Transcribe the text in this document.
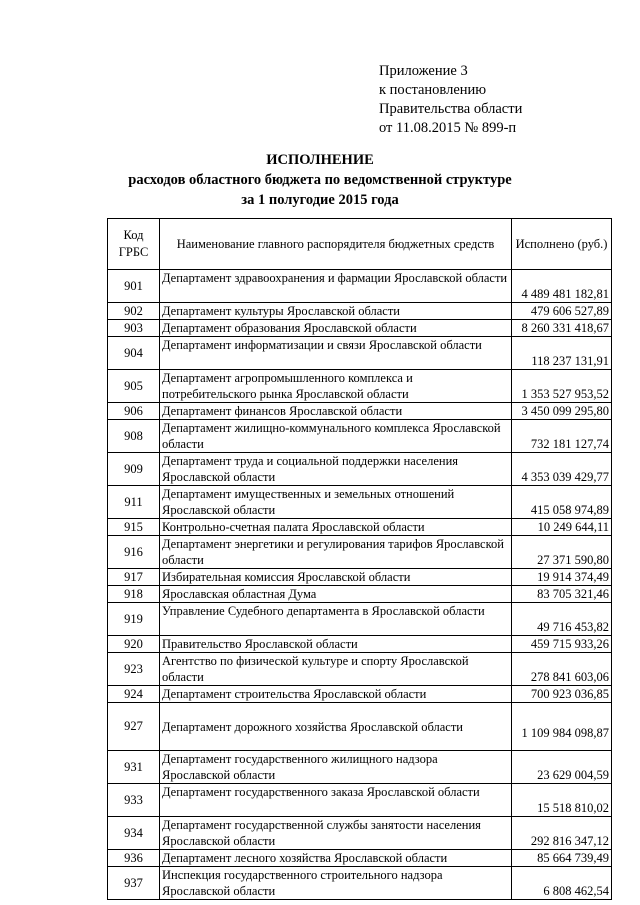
Приложение 3
к постановлению
Правительства области
от 11.08.2015 № 899-п
ИСПОЛНЕНИЕ
расходов областного бюджета по ведомственной структуре
за 1 полугодие 2015 года
Код ГРБС	Наименование главного распорядителя бюджетных средств	Исполнено (руб.)
901	Департамент здравоохранения и фармации Ярославской области	4 489 481 182,81
902	Департамент культуры Ярославской области	479 606 527,89
903	Департамент образования Ярославской области	8 260 331 418,67
904	Департамент информатизации и связи Ярославской области	118 237 131,91
905	Департамент агропромышленного комплекса и потребительского рынка Ярославской области	1 353 527 953,52
906	Департамент финансов Ярославской области	3 450 099 295,80
908	Департамент жилищно-коммунального комплекса Ярославской области	732 181 127,74
909	Департамент труда и социальной поддержки населения Ярославской области	4 353 039 429,77
911	Департамент имущественных и земельных отношений Ярославской области	415 058 974,89
915	Контрольно-счетная палата Ярославской области	10 249 644,11
916	Департамент энергетики и регулирования тарифов Ярославской области	27 371 590,80
917	Избирательная комиссия Ярославской области	19 914 374,49
918	Ярославская областная Дума	83 705 321,46
919	Управление Судебного департамента в Ярославской области	49 716 453,82
920	Правительство Ярославской области	459 715 933,26
923	Агентство по физической культуре и спорту Ярославской области	278 841 603,06
924	Департамент строительства Ярославской области	700 923 036,85
927	Департамент дорожного хозяйства Ярославской области	1 109 984 098,87
931	Департамент государственного жилищного надзора Ярославской области	23 629 004,59
933	Департамент государственного заказа Ярославской области	15 518 810,02
934	Департамент государственной службы занятости населения Ярославской области	292 816 347,12
936	Департамент лесного хозяйства Ярославской области	85 664 739,49
937	Инспекция государственного строительного надзора Ярославской области	6 808 462,54
